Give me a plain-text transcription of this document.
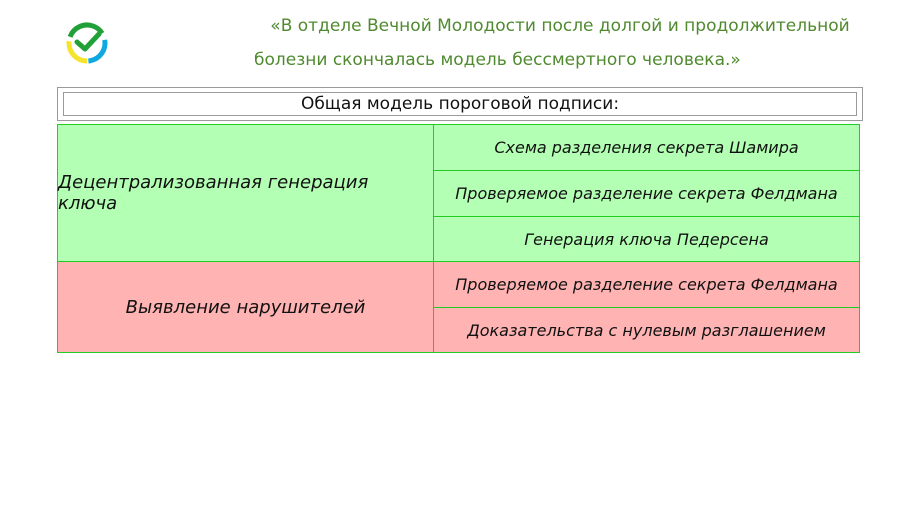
«В отделе Вечной Молодости после долгой и продолжительной
болезни скончалась модель бессмертного человека.»
Общая модель пороговой подписи:
Децентрализованная генерация ключа
Схема разделения секрета Шамира
Проверяемое разделение секрета Фелдмана
Генерация ключа Педерсена
Выявление нарушителей
Проверяемое разделение секрета Фелдмана
Доказательства с нулевым разглашением
